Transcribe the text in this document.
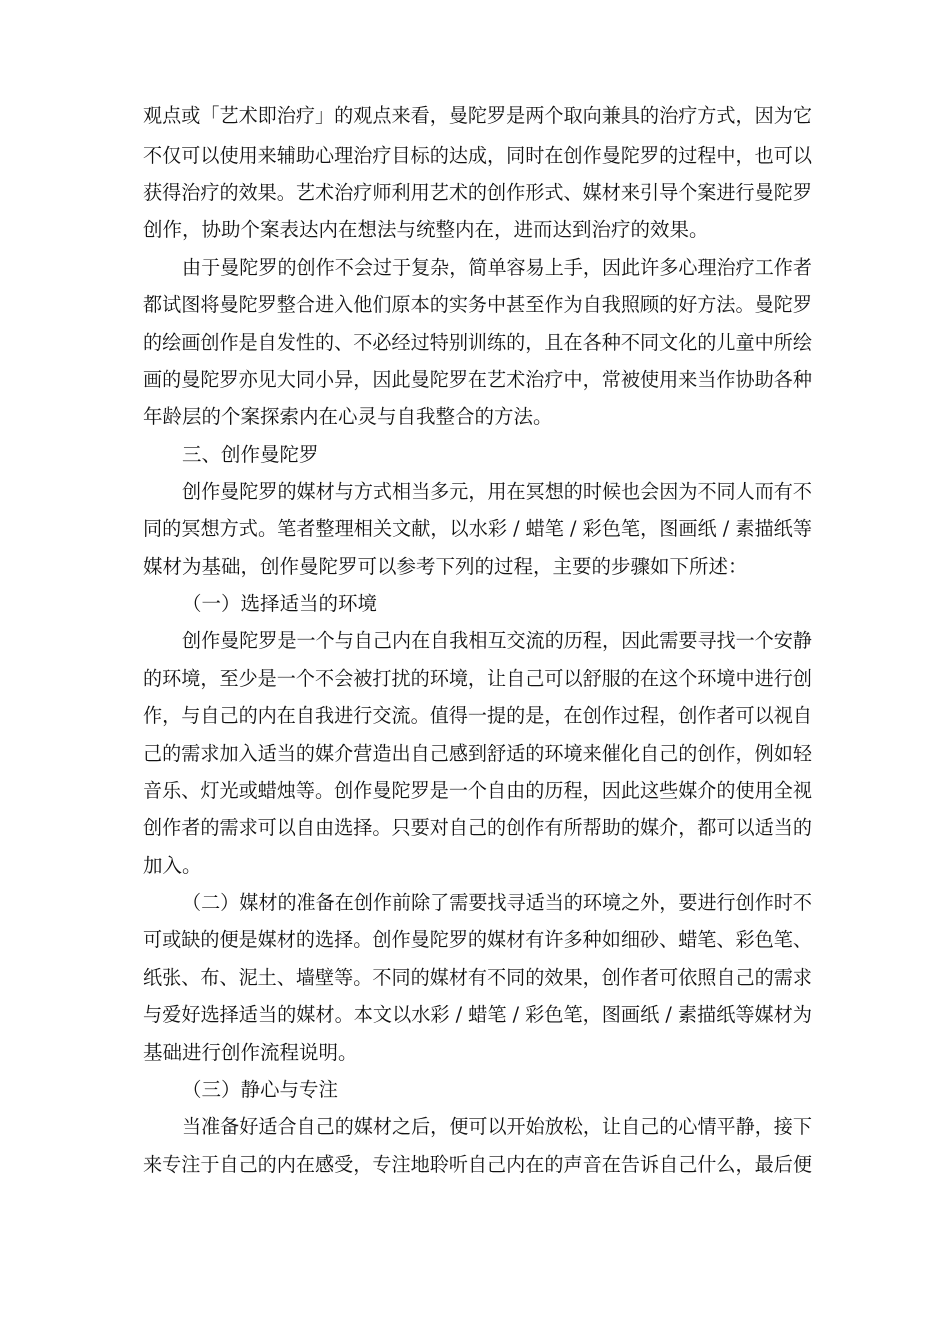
观点或「艺术即治疗」的观点来看，曼陀罗是两个取向兼具的治疗方式，因为它
不仅可以使用来辅助心理治疗目标的达成，同时在创作曼陀罗的过程中，也可以
获得治疗的效果。艺术治疗师利用艺术的创作形式、媒材来引导个案进行曼陀罗
创作，协助个案表达内在想法与统整内在，进而达到治疗的效果。
由于曼陀罗的创作不会过于复杂，简单容易上手，因此许多心理治疗工作者
都试图将曼陀罗整合进入他们原本的实务中甚至作为自我照顾的好方法。曼陀罗
的绘画创作是自发性的、不必经过特别训练的，且在各种不同文化的儿童中所绘
画的曼陀罗亦见大同小异，因此曼陀罗在艺术治疗中，常被使用来当作协助各种
年龄层的个案探索内在心灵与自我整合的方法。
三、创作曼陀罗
创作曼陀罗的媒材与方式相当多元，用在冥想的时候也会因为不同人而有不
同的冥想方式。笔者整理相关文献，以水彩 / 蜡笔 / 彩色笔，图画纸 / 素描纸等
媒材为基础，创作曼陀罗可以参考下列的过程，主要的步骤如下所述：
（一）选择适当的环境
创作曼陀罗是一个与自己内在自我相互交流的历程，因此需要寻找一个安静
的环境，至少是一个不会被打扰的环境，让自己可以舒服的在这个环境中进行创
作，与自己的内在自我进行交流。值得一提的是，在创作过程，创作者可以视自
己的需求加入适当的媒介营造出自己感到舒适的环境来催化自己的创作，例如轻
音乐、灯光或蜡烛等。创作曼陀罗是一个自由的历程，因此这些媒介的使用全视
创作者的需求可以自由选择。只要对自己的创作有所帮助的媒介，都可以适当的
加入。
（二）媒材的准备在创作前除了需要找寻适当的环境之外，要进行创作时不
可或缺的便是媒材的选择。创作曼陀罗的媒材有许多种如细砂、蜡笔、彩色笔、
纸张、布、泥土、墙壁等。不同的媒材有不同的效果，创作者可依照自己的需求
与爱好选择适当的媒材。本文以水彩 / 蜡笔 / 彩色笔，图画纸 / 素描纸等媒材为
基础进行创作流程说明。
（三）静心与专注
当准备好适合自己的媒材之后，便可以开始放松，让自己的心情平静，接下
来专注于自己的内在感受，专注地聆听自己内在的声音在告诉自己什么，最后便
